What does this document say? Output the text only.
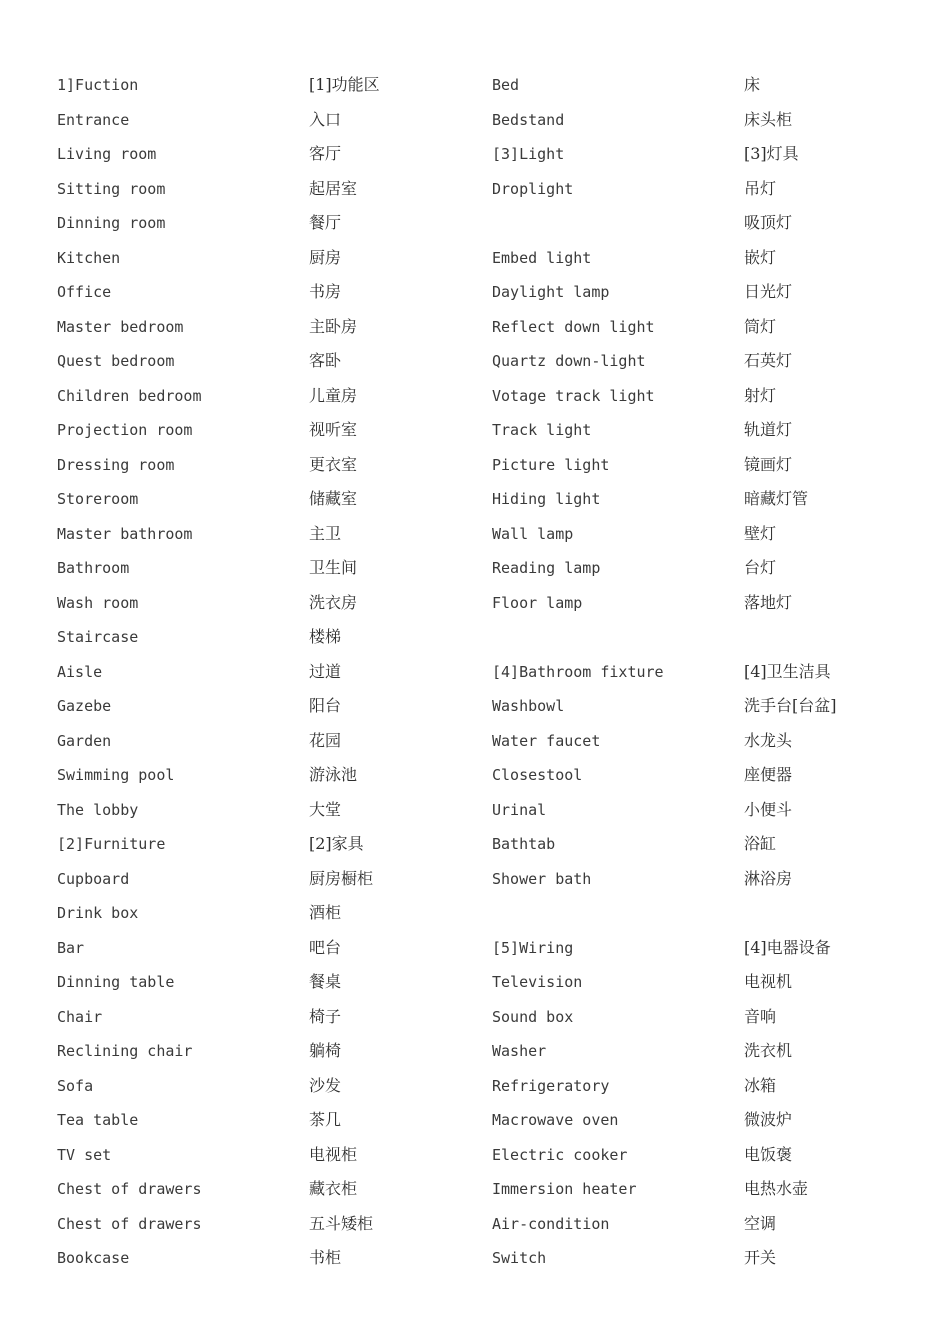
1]Fuction
Entrance
Living room
Sitting room
Dinning room
Kitchen
Office
Master bedroom
Quest bedroom
Children bedroom
Projection room
Dressing room
Storeroom
Master bathroom
Bathroom
Wash room
Staircase
Aisle
Gazebe
Garden
Swimming pool
The lobby
[2]Furniture
Cupboard
Drink box
Bar
Dinning table
Chair
Reclining chair
Sofa
Tea table
TV set
Chest of drawers
Chest of drawers
Bookcase
[1]功能区
入口
客厅
起居室
餐厅
厨房
书房
主卧房
客卧
儿童房
视听室
更衣室
储藏室
主卫
卫生间
洗衣房
楼梯
过道
阳台
花园
游泳池
大堂
[2]家具
厨房橱柜
酒柜
吧台
餐桌
椅子
躺椅
沙发
茶几
电视柜
藏衣柜
五斗矮柜
书柜
Bed
Bedstand
[3]Light
Droplight
Embed light
Daylight lamp
Reflect down light
Quartz down-light
Votage track light
Track light
Picture light
Hiding light
Wall lamp
Reading lamp
Floor lamp
[4]Bathroom fixture
Washbowl
Water faucet
Closestool
Urinal
Bathtab
Shower bath
[5]Wiring
Television
Sound box
Washer
Refrigeratory
Macrowave oven
Electric cooker
Immersion heater
Air-condition
Switch
床
床头柜
[3]灯具
吊灯
吸顶灯
嵌灯
日光灯
筒灯
石英灯
射灯
轨道灯
镜画灯
暗藏灯管
壁灯
台灯
落地灯
[4]卫生洁具
洗手台[台盆]
水龙头
座便器
小便斗
浴缸
淋浴房
[4]电器设备
电视机
音响
洗衣机
冰箱
微波炉
电饭褒
电热水壶
空调
开关
